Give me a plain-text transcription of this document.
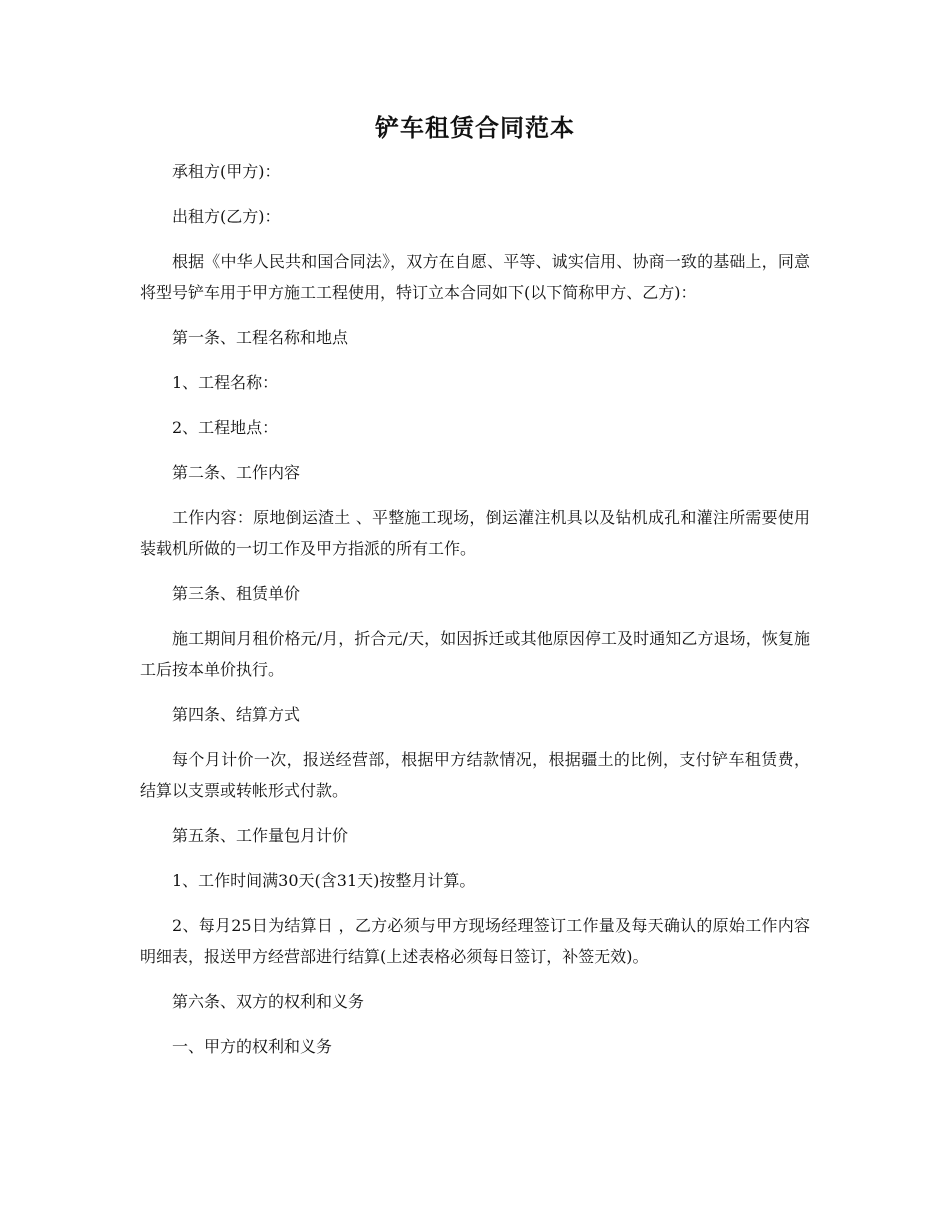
铲车租赁合同范本

承租方(甲方)：

出租方(乙方)：

根据《中华人民共和国合同法》，双方在自愿、平等、诚实信用、协商一致的基础上，同意将型号铲车用于甲方施工工程使用，特订立本合同如下(以下简称甲方、乙方)：

第一条、工程名称和地点

1、工程名称：

2、工程地点：

第二条、工作内容

工作内容：原地倒运渣土 、平整施工现场，倒运灌注机具以及钻机成孔和灌注所需要使用装载机所做的一切工作及甲方指派的所有工作。

第三条、租赁单价

施工期间月租价格元/月，折合元/天，如因拆迁或其他原因停工及时通知乙方退场，恢复施工后按本单价执行。

第四条、结算方式

每个月计价一次，报送经营部，根据甲方结款情况，根据疆土的比例，支付铲车租赁费，结算以支票或转帐形式付款。

第五条、工作量包月计价

1、工作时间满30天(含31天)按整月计算。

2、每月25日为结算日 ，乙方必须与甲方现场经理签订工作量及每天确认的原始工作内容明细表，报送甲方经营部进行结算(上述表格必须每日签订，补签无效)。

第六条、双方的权利和义务

一、甲方的权利和义务
